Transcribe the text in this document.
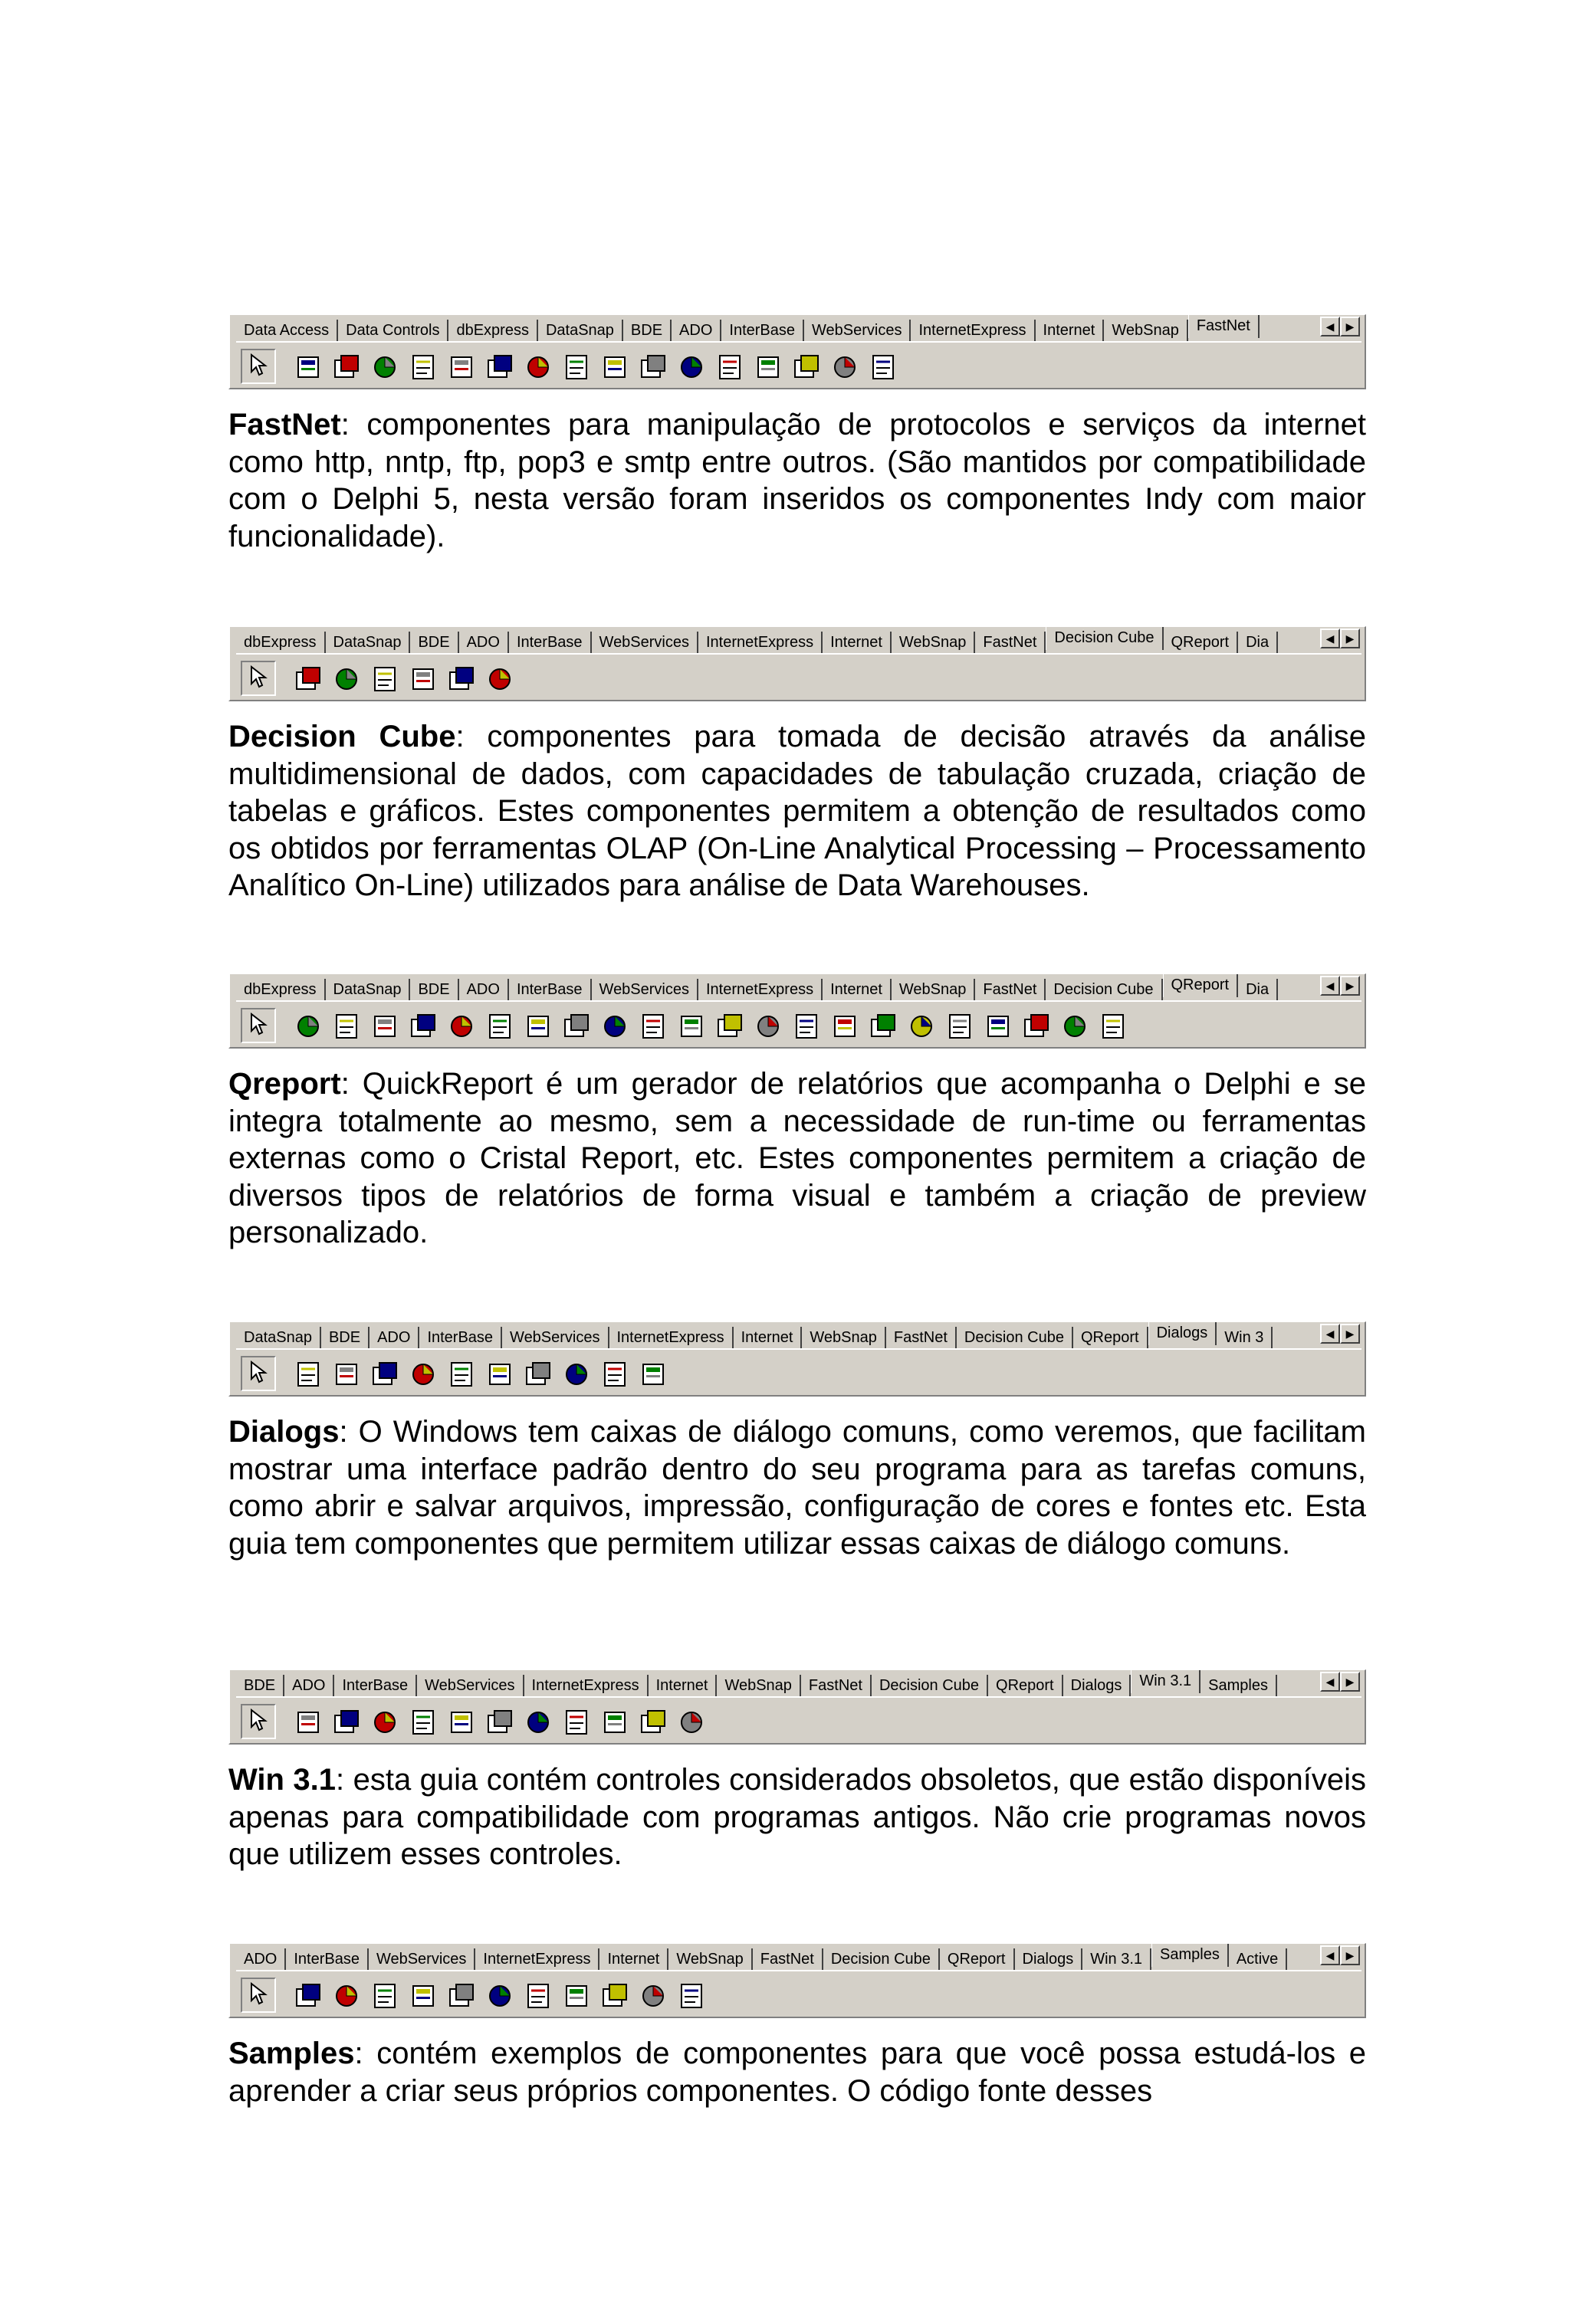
Data Access	Data Controls	dbExpress	DataSnap	BDE	ADO	InterBase	WebServices	InternetExpress	Internet	WebSnap	FastNet	◀	▶
FastNet: componentes para manipulação de protocolos e serviços da internet como http, nntp, ftp, pop3 e smtp entre outros. (São mantidos por compatibilidade com o Delphi 5, nesta versão foram inseridos os componentes Indy com maior funcionalidade).
dbExpress	DataSnap	BDE	ADO	InterBase	WebServices	InternetExpress	Internet	WebSnap	FastNet	Decision Cube	QReport	Dia	◀	▶
Decision Cube: componentes para tomada de decisão através da análise multidimensional de dados, com capacidades de tabulação cruzada, criação de tabelas e gráficos. Estes componentes permitem a obtenção de resultados como os obtidos por ferramentas OLAP (On-Line Analytical Processing – Processamento Analítico On-Line) utilizados para análise de Data Warehouses.
dbExpress	DataSnap	BDE	ADO	InterBase	WebServices	InternetExpress	Internet	WebSnap	FastNet	Decision Cube	QReport	Dia	◀	▶
Qreport: QuickReport é um gerador de relatórios que acompanha o Delphi e se integra totalmente ao mesmo, sem a necessidade de run-time ou ferramentas externas como o Cristal Report, etc. Estes componentes permitem a criação de diversos tipos de relatórios de forma visual e também a criação de preview personalizado.
DataSnap	BDE	ADO	InterBase	WebServices	InternetExpress	Internet	WebSnap	FastNet	Decision Cube	QReport	Dialogs	Win 3	◀	▶
Dialogs: O Windows tem caixas de diálogo comuns, como veremos, que facilitam mostrar uma interface padrão dentro do seu programa para as tarefas comuns, como abrir e salvar arquivos, impressão, configuração de cores e fontes etc. Esta guia tem componentes que permitem utilizar essas caixas de diálogo comuns.
BDE	ADO	InterBase	WebServices	InternetExpress	Internet	WebSnap	FastNet	Decision Cube	QReport	Dialogs	Win 3.1	Samples	◀	▶
Win 3.1: esta guia contém controles considerados obsoletos, que estão disponíveis apenas para compatibilidade com programas antigos. Não crie programas novos que utilizem esses controles.
ADO	InterBase	WebServices	InternetExpress	Internet	WebSnap	FastNet	Decision Cube	QReport	Dialogs	Win 3.1	Samples	Active	◀	▶
Samples: contém exemplos de componentes para que você possa estudá-los e aprender a criar seus próprios componentes. O código fonte desses
